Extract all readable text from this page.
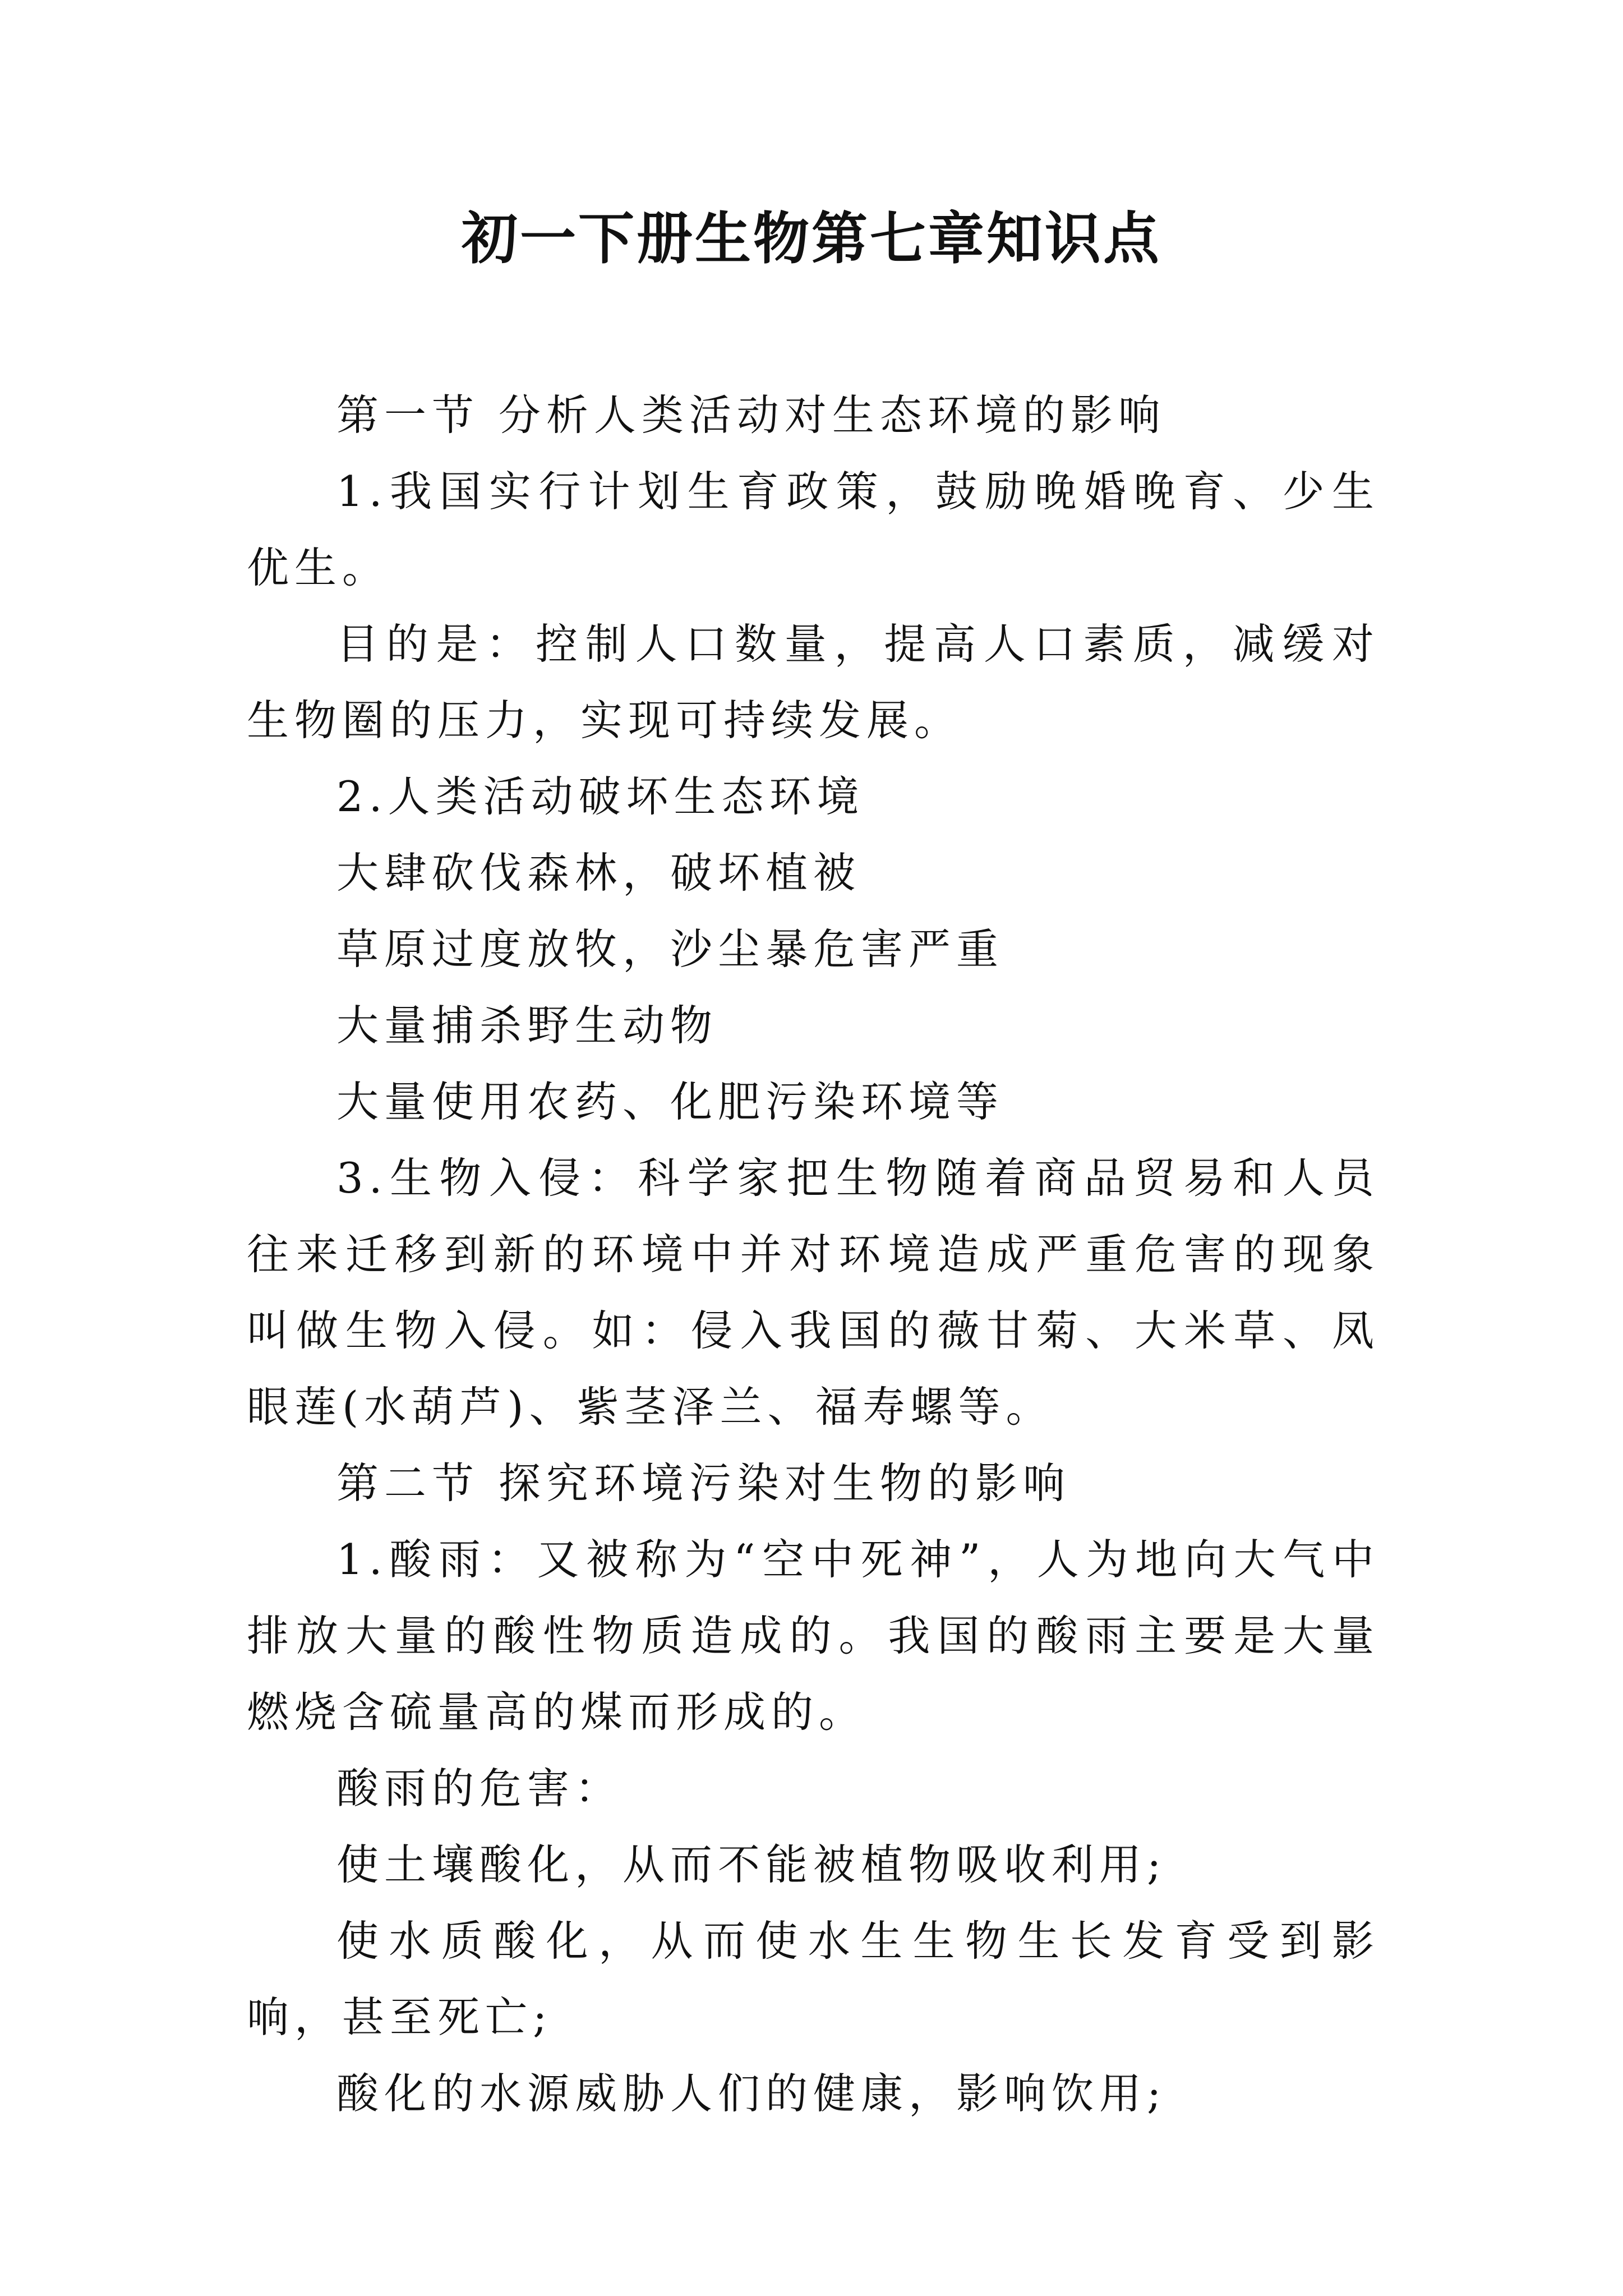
初一下册生物第七章知识点

第一节 分析人类活动对生态环境的影响

1.我国实行计划生育政策，鼓励晚婚晚育、少生优生。

目的是：控制人口数量，提高人口素质，减缓对生物圈的压力，实现可持续发展。

2.人类活动破坏生态环境

大肆砍伐森林，破坏植被

草原过度放牧，沙尘暴危害严重

大量捕杀野生动物

大量使用农药、化肥污染环境等

3.生物入侵：科学家把生物随着商品贸易和人员往来迁移到新的环境中并对环境造成严重危害的现象叫做生物入侵。如：侵入我国的薇甘菊、大米草、凤眼莲(水葫芦)、紫茎泽兰、福寿螺等。

第二节 探究环境污染对生物的影响

1.酸雨：又被称为“空中死神”，人为地向大气中排放大量的酸性物质造成的。我国的酸雨主要是大量燃烧含硫量高的煤而形成的。

酸雨的危害：

使土壤酸化，从而不能被植物吸收利用;

使水质酸化，从而使水生生物生长发育受到影响，甚至死亡;

酸化的水源威胁人们的健康，影响饮用;
